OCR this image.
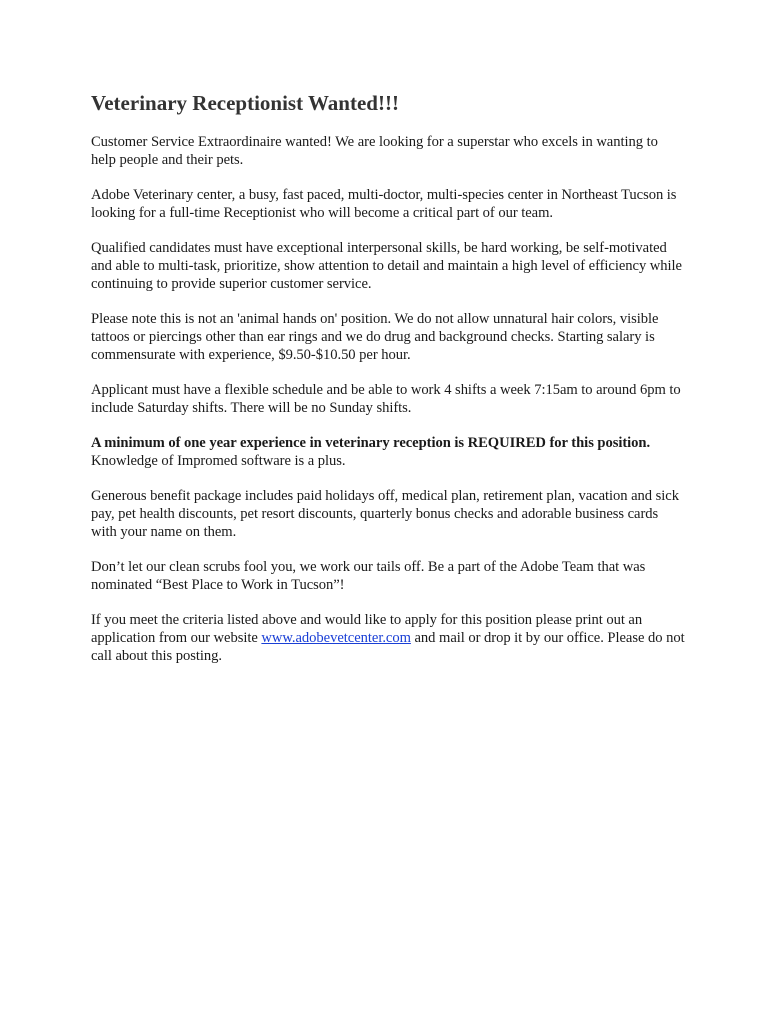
Veterinary Receptionist Wanted!!!

Customer Service Extraordinaire wanted! We are looking for a superstar who excels in wanting to help people and their pets.

Adobe Veterinary center, a busy, fast paced, multi-doctor, multi-species center in Northeast Tucson is looking for a full-time Receptionist who will become a critical part of our team.

Qualified candidates must have exceptional interpersonal skills, be hard working, be self-motivated and able to multi-task, prioritize, show attention to detail and maintain a high level of efficiency while continuing to provide superior customer service.

Please note this is not an 'animal hands on' position. We do not allow unnatural hair colors, visible tattoos or piercings other than ear rings and we do drug and background checks. Starting salary is commensurate with experience, $9.50-$10.50 per hour.

Applicant must have a flexible schedule and be able to work 4 shifts a week 7:15am to around 6pm to include Saturday shifts. There will be no Sunday shifts.

A minimum of one year experience in veterinary reception is REQUIRED for this position.
Knowledge of Impromed software is a plus.

Generous benefit package includes paid holidays off, medical plan, retirement plan, vacation and sick pay, pet health discounts, pet resort discounts, quarterly bonus checks and adorable business cards with your name on them.

Don’t let our clean scrubs fool you, we work our tails off. Be a part of the Adobe Team that was nominated “Best Place to Work in Tucson”!

If you meet the criteria listed above and would like to apply for this position please print out an application from our website www.adobevetcenter.com and mail or drop it by our office. Please do not call about this posting.
